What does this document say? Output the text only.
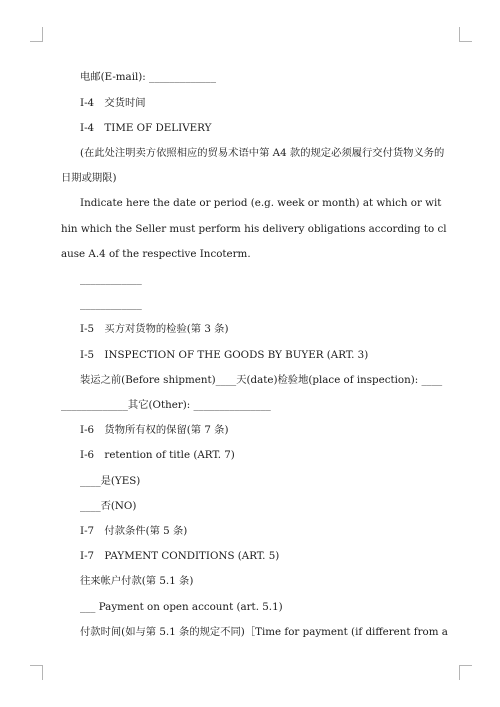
电邮(E-mail): _____________
I-4　交货时间
I-4　TIME OF DELIVERY
(在此处注明卖方依照相应的贸易术语中第 A4 款的规定必须履行交付货物义务的
日期或期限)
Indicate here the date or period (e.g. week or month) at which or wit
hin which the Seller must perform his delivery obligations according to cl
ause A.4 of the respective Incoterm.
____________
____________
I-5　买方对货物的检验(第 3 条)
I-5　INSPECTION OF THE GOODS BY BUYER (ART. 3)
装运之前(Before shipment)____天(date)检验地(place of inspection): ____
_____________其它(Other): _______________
I-6　货物所有权的保留(第 7 条)
I-6　retention of title (ART. 7)
____是(YES)
____否(NO)
I-7　付款条件(第 5 条)
I-7　PAYMENT CONDITIONS (ART. 5)
往来帐户付款(第 5.1 条)
___ Payment on open account (art. 5.1)
付款时间(如与第 5.1 条的规定不同)［Time for payment (if different from a
